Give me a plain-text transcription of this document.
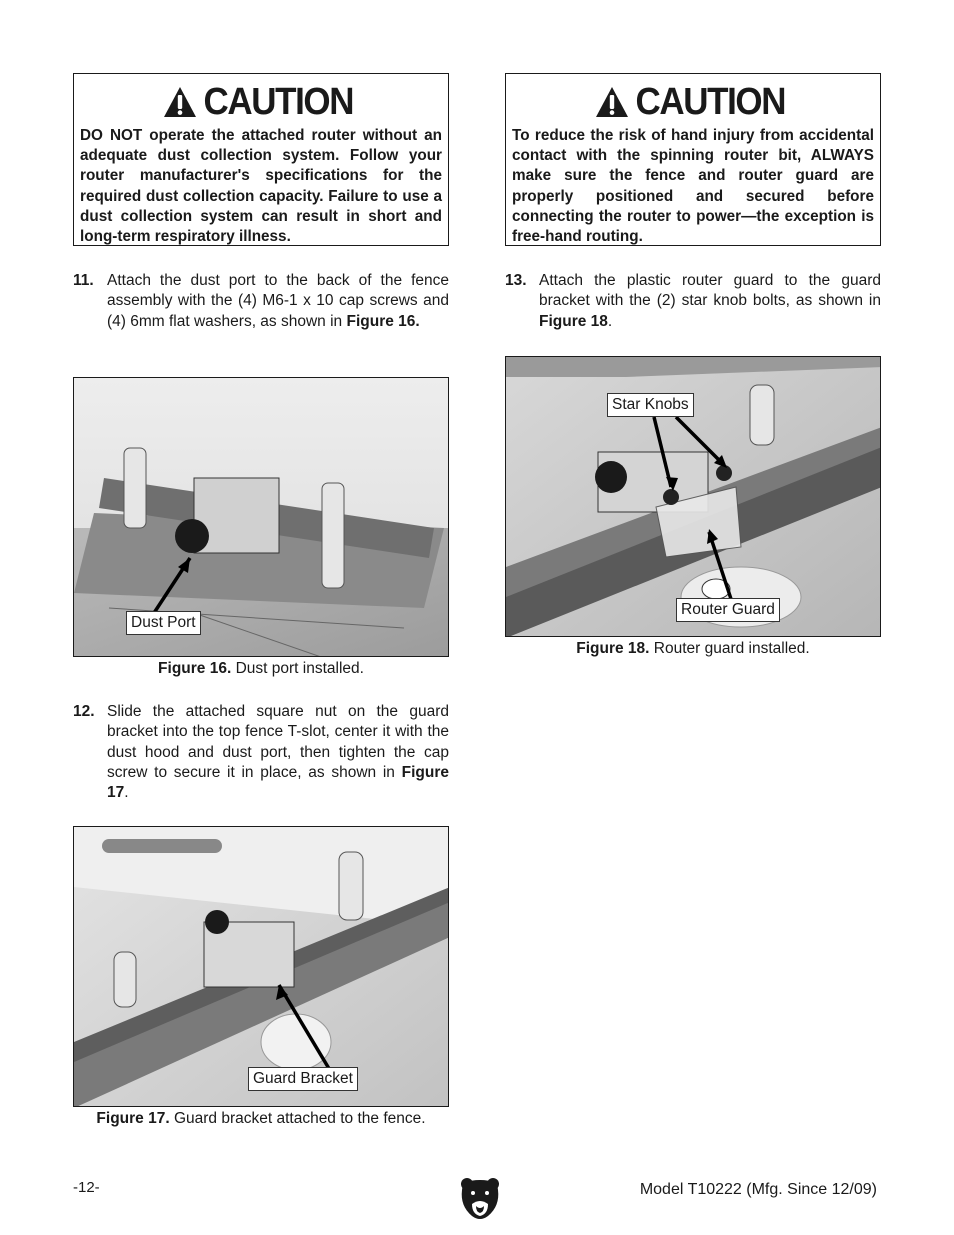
CAUTION
DO NOT operate the attached router without an adequate dust collection system. Follow your router manufacturer's specifications for the required dust collection capacity. Failure to use a dust collection system can result in short and long-term respiratory illness.
CAUTION
To reduce the risk of hand injury from accidental contact with the spinning router bit, ALWAYS make sure the fence and router guard are properly positioned and secured before connecting the router to power—the exception is free-hand routing.
11. Attach the dust port to the back of the fence assembly with the (4) M6-1 x 10 cap screws and (4) 6mm flat washers, as shown in Figure 16.
Dust Port
Figure 16. Dust port installed.
12. Slide the attached square nut on the guard bracket into the top fence T-slot, center it with the dust hood and dust port, then tighten the cap screw to secure it in place, as shown in Figure 17.
Guard Bracket
Figure 17. Guard bracket attached to the fence.
13. Attach the plastic router guard to the guard bracket with the (2) star knob bolts, as shown in Figure 18.
Star Knobs
Router Guard
Figure 18. Router guard installed.
-12-	Model T10222 (Mfg. Since 12/09)
